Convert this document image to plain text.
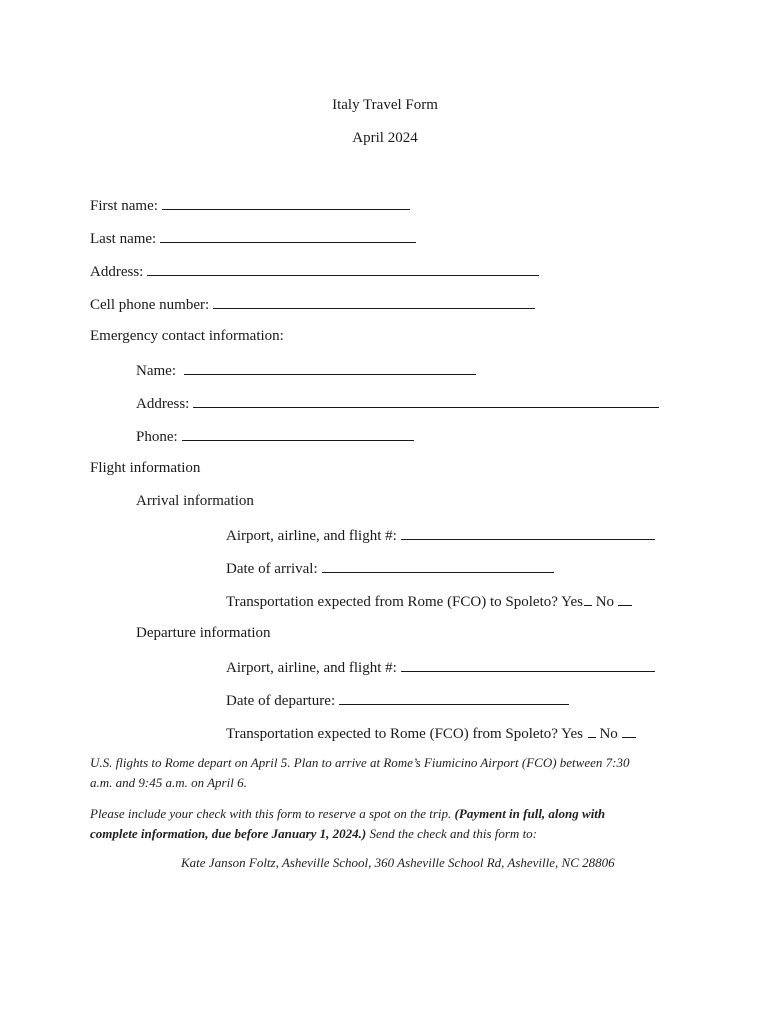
Italy Travel Form
April 2024
First name:
Last name:
Address:
Cell phone number:
Emergency contact information:
Name:
Address:
Phone:
Flight information
Arrival information
Airport, airline, and flight #:
Date of arrival:
Transportation expected from Rome (FCO) to Spoleto? Yes No
Departure information
Airport, airline, and flight #:
Date of departure:
Transportation expected to Rome (FCO) from Spoleto? Yes No
U.S. flights to Rome depart on April 5. Plan to arrive at Rome’s Fiumicino Airport (FCO) between 7:30
a.m. and 9:45 a.m. on April 6.
Please include your check with this form to reserve a spot on the trip. (Payment in full, along with
complete information, due before January 1, 2024.) Send the check and this form to:
Kate Janson Foltz, Asheville School, 360 Asheville School Rd, Asheville, NC 28806
